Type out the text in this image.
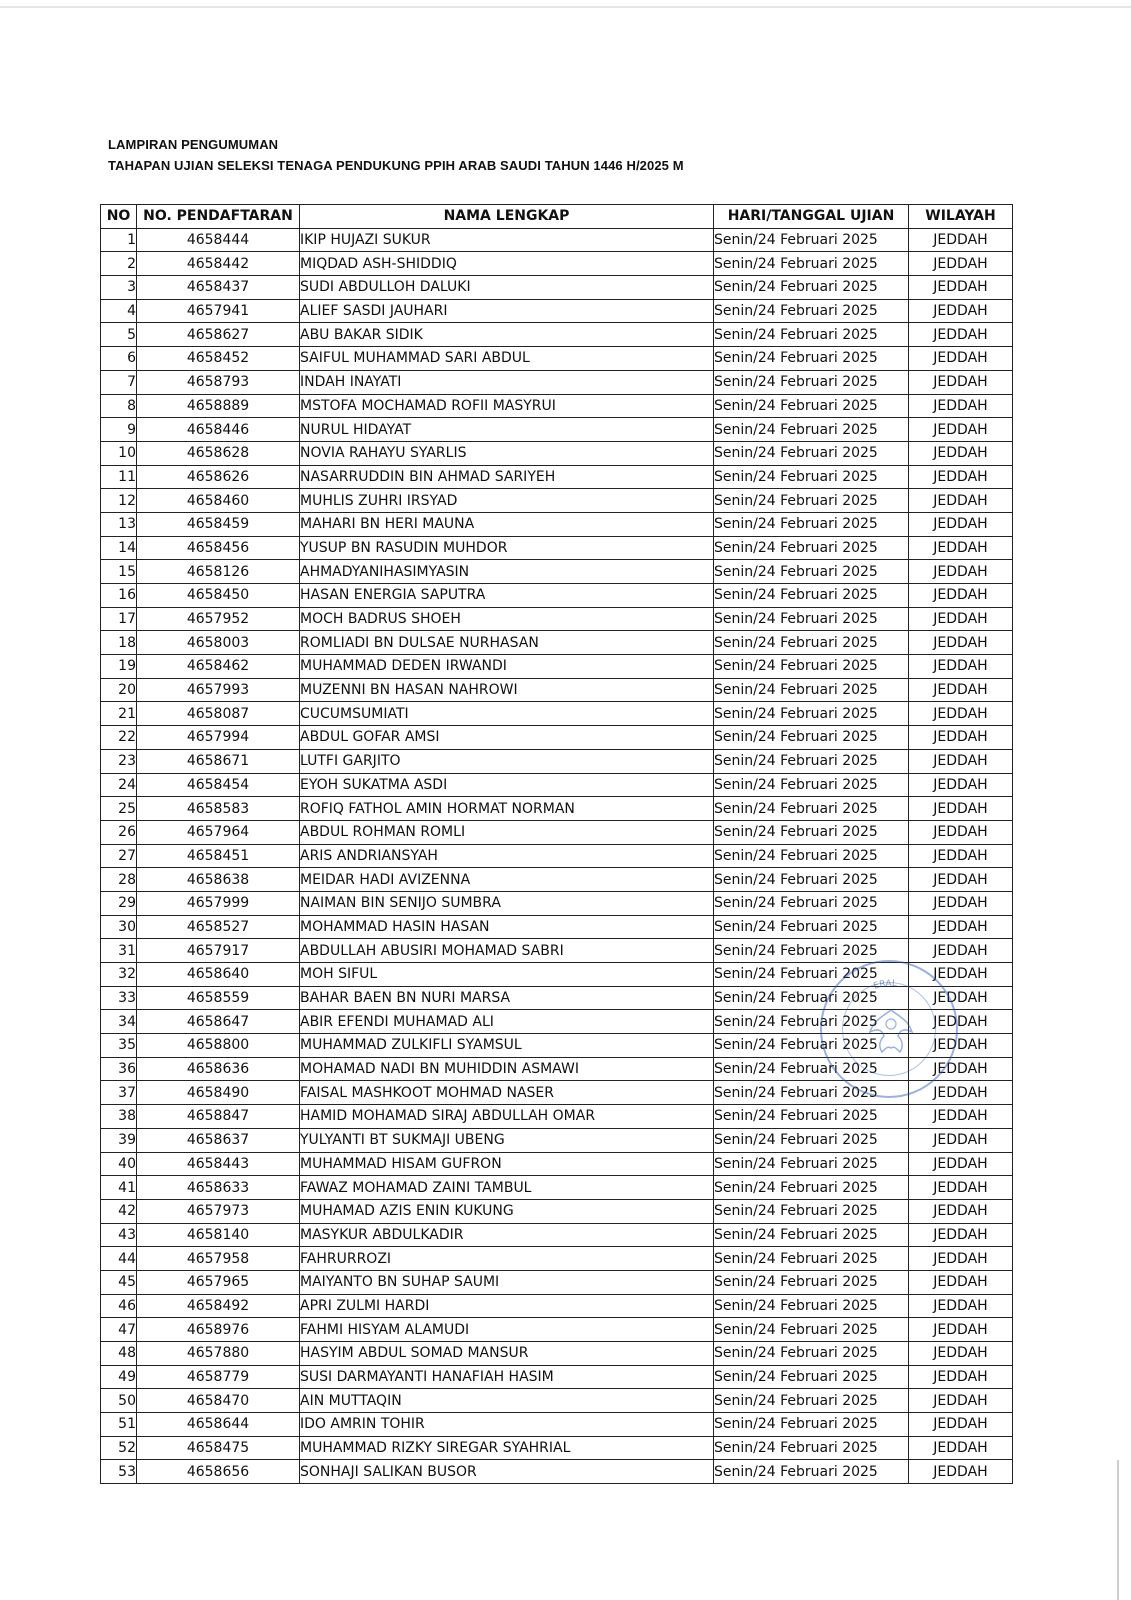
LAMPIRAN PENGUMUMAN
TAHAPAN UJIAN SELEKSI TENAGA PENDUKUNG PPIH ARAB SAUDI TAHUN 1446 H/2025 M
NO	NO. PENDAFTARAN	NAMA LENGKAP	HARI/TANGGAL UJIAN	WILAYAH
1	4658444	IKIP HUJAZI SUKUR	Senin/24 Februari 2025	JEDDAH
2	4658442	MIQDAD ASH-SHIDDIQ	Senin/24 Februari 2025	JEDDAH
3	4658437	SUDI ABDULLOH DALUKI	Senin/24 Februari 2025	JEDDAH
4	4657941	ALIEF SASDI JAUHARI	Senin/24 Februari 2025	JEDDAH
5	4658627	ABU BAKAR SIDIK	Senin/24 Februari 2025	JEDDAH
6	4658452	SAIFUL MUHAMMAD SARI ABDUL	Senin/24 Februari 2025	JEDDAH
7	4658793	INDAH INAYATI	Senin/24 Februari 2025	JEDDAH
8	4658889	MSTOFA MOCHAMAD ROFII MASYRUI	Senin/24 Februari 2025	JEDDAH
9	4658446	NURUL HIDAYAT	Senin/24 Februari 2025	JEDDAH
10	4658628	NOVIA RAHAYU SYARLIS	Senin/24 Februari 2025	JEDDAH
11	4658626	NASARRUDDIN BIN AHMAD SARIYEH	Senin/24 Februari 2025	JEDDAH
12	4658460	MUHLIS ZUHRI IRSYAD	Senin/24 Februari 2025	JEDDAH
13	4658459	MAHARI BN HERI MAUNA	Senin/24 Februari 2025	JEDDAH
14	4658456	YUSUP BN RASUDIN MUHDOR	Senin/24 Februari 2025	JEDDAH
15	4658126	AHMADYANIHASIMYASIN	Senin/24 Februari 2025	JEDDAH
16	4658450	HASAN ENERGIA SAPUTRA	Senin/24 Februari 2025	JEDDAH
17	4657952	MOCH BADRUS SHOEH	Senin/24 Februari 2025	JEDDAH
18	4658003	ROMLIADI BN DULSAE NURHASAN	Senin/24 Februari 2025	JEDDAH
19	4658462	MUHAMMAD DEDEN IRWANDI	Senin/24 Februari 2025	JEDDAH
20	4657993	MUZENNI BN HASAN NAHROWI	Senin/24 Februari 2025	JEDDAH
21	4658087	CUCUMSUMIATI	Senin/24 Februari 2025	JEDDAH
22	4657994	ABDUL GOFAR AMSI	Senin/24 Februari 2025	JEDDAH
23	4658671	LUTFI GARJITO	Senin/24 Februari 2025	JEDDAH
24	4658454	EYOH SUKATMA ASDI	Senin/24 Februari 2025	JEDDAH
25	4658583	ROFIQ FATHOL AMIN HORMAT NORMAN	Senin/24 Februari 2025	JEDDAH
26	4657964	ABDUL ROHMAN ROMLI	Senin/24 Februari 2025	JEDDAH
27	4658451	ARIS ANDRIANSYAH	Senin/24 Februari 2025	JEDDAH
28	4658638	MEIDAR HADI AVIZENNA	Senin/24 Februari 2025	JEDDAH
29	4657999	NAIMAN BIN SENIJO SUMBRA	Senin/24 Februari 2025	JEDDAH
30	4658527	MOHAMMAD HASIN HASAN	Senin/24 Februari 2025	JEDDAH
31	4657917	ABDULLAH ABUSIRI MOHAMAD SABRI	Senin/24 Februari 2025	JEDDAH
32	4658640	MOH SIFUL	Senin/24 Februari 2025	JEDDAH
33	4658559	BAHAR BAEN BN NURI MARSA	Senin/24 Februari 2025	JEDDAH
34	4658647	ABIR EFENDI MUHAMAD ALI	Senin/24 Februari 2025	JEDDAH
35	4658800	MUHAMMAD ZULKIFLI SYAMSUL	Senin/24 Februari 2025	JEDDAH
36	4658636	MOHAMAD NADI BN MUHIDDIN ASMAWI	Senin/24 Februari 2025	JEDDAH
37	4658490	FAISAL MASHKOOT MOHMAD NASER	Senin/24 Februari 2025	JEDDAH
38	4658847	HAMID MOHAMAD SIRAJ ABDULLAH OMAR	Senin/24 Februari 2025	JEDDAH
39	4658637	YULYANTI BT SUKMAJI UBENG	Senin/24 Februari 2025	JEDDAH
40	4658443	MUHAMMAD HISAM GUFRON	Senin/24 Februari 2025	JEDDAH
41	4658633	FAWAZ MOHAMAD ZAINI TAMBUL	Senin/24 Februari 2025	JEDDAH
42	4657973	MUHAMAD AZIS ENIN KUKUNG	Senin/24 Februari 2025	JEDDAH
43	4658140	MASYKUR ABDULKADIR	Senin/24 Februari 2025	JEDDAH
44	4657958	FAHRURROZI	Senin/24 Februari 2025	JEDDAH
45	4657965	MAIYANTO BN SUHAP SAUMI	Senin/24 Februari 2025	JEDDAH
46	4658492	APRI ZULMI HARDI	Senin/24 Februari 2025	JEDDAH
47	4658976	FAHMI HISYAM ALAMUDI	Senin/24 Februari 2025	JEDDAH
48	4657880	HASYIM ABDUL SOMAD MANSUR	Senin/24 Februari 2025	JEDDAH
49	4658779	SUSI DARMAYANTI HANAFIAH HASIM	Senin/24 Februari 2025	JEDDAH
50	4658470	AIN MUTTAQIN	Senin/24 Februari 2025	JEDDAH
51	4658644	IDO AMRIN TOHIR	Senin/24 Februari 2025	JEDDAH
52	4658475	MUHAMMAD RIZKY SIREGAR SYAHRIAL	Senin/24 Februari 2025	JEDDAH
53	4658656	SONHAJI SALIKAN BUSOR	Senin/24 Februari 2025	JEDDAH
ERAL
